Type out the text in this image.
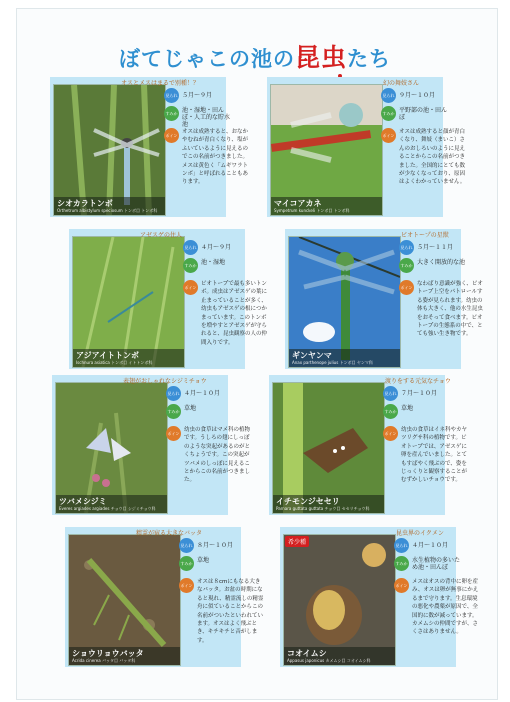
ぼてじゃこの池の昆虫たち
シオカラトンボ
Orthetrum albistylum speciosum トンボ目 トンボ科
オスとメスはまるで別種！？
見られ ５月～９月
すみか 池・湿地・田んぼ・人工的な貯水池
ポイン
オスは成熟すると、おなかやむねが青白くなり、塩がふいているように見えるのでこの名前がつきました。メスは黄色く「ムギワラトンボ」と呼ばれることもあります。
マイコアカネ
Sympetrum kunckeli トンボ目 トンボ科
幻の舞妓さん
見られ ９月～１０月
すみか 平野部の池・田んぼ
ポイン
オスは成熟すると顔が青白くなり、舞妓（まいこ）さんのおしろいのように見えることからこの名前がつきました。全国的にとても数が少なくなっており、原因はよくわかっていません。
アジアイトトンボ
Ischnura asiatica トンボ目 イトトンボ科
アゼスゲの住人
見られ ４月～９月
すみか 池・湿地
ポイン
ビオトープで最も多いトンボ。成虫はアゼスゲの葉に止まっていることが多く、幼虫もアゼスゲの根につかまっています。このトンボを増やすとアゼスゲが守られると、昆虫観察の人の仲間入りです。
ギンヤンマ
Anax parthenope julius トンボ目 ヤンマ科
ビオトープの星獣
見られ ５月～１１月
すみか 大きく開放的な池
ポイン
なわばり意識が強く、ビオトープ上空をパトロールする姿が見られます。幼虫の体も大きく、他の水生昆虫をおそって食べます。ビオトープの生態系の中で、とても強い生き物です。
ツバメシジミ
Everes argiades argiades チョウ目 シジミチョウ科
表翅がおしゃれなシジミチョウ
見られ ４月～１０月
すみか 草地
ポイン
幼虫の食草はマメ科の植物です。うしろの翅にしっぽのような突起があるのがとくちょうです。この突起がツバメのしっぽに見えることからこの名前がつきました。
イチモンジセセリ
Parnara guttata guttata チョウ目 セセリチョウ科
渡りをする元気なチョウ
見られ ７月～１０月
すみか 草地
ポイン
幼虫の食草はイネ科やカヤツリグサ科の植物です。ビオトープでは、アゼスゲに卵を産んでいました。とてもすばやく飛ぶので、姿をじっくりと観察することがむずかしいチョウです。
ショウリョウバッタ
Acrida cinerea バッタ目 バッタ科
精霊が宿る大きなバッタ
見られ ８月～１０月
すみか 草地
ポイン
オスは８cmにもなる大きなバッタ。お盆の時期になると現れ、精霊流しの精霊舟に似ていることからこの名前がついたといわれています。オスはよく飛ぶとき、キチキチと音がします。
コオイムシ
Appasus japonicus カメムシ目 コオイムシ科
昆虫界のイクメン
希少種	見られ ４月～１０月
すみか 水生植物の多いため池・田んぼ
ポイン
メスはオスの背中に卵を産み、オスは卵が無事にかえるまで守ります。生息環境の悪化や農薬が原因で、全国的に数が減っています。カメムシの仲間ですが、さくさはありません。
